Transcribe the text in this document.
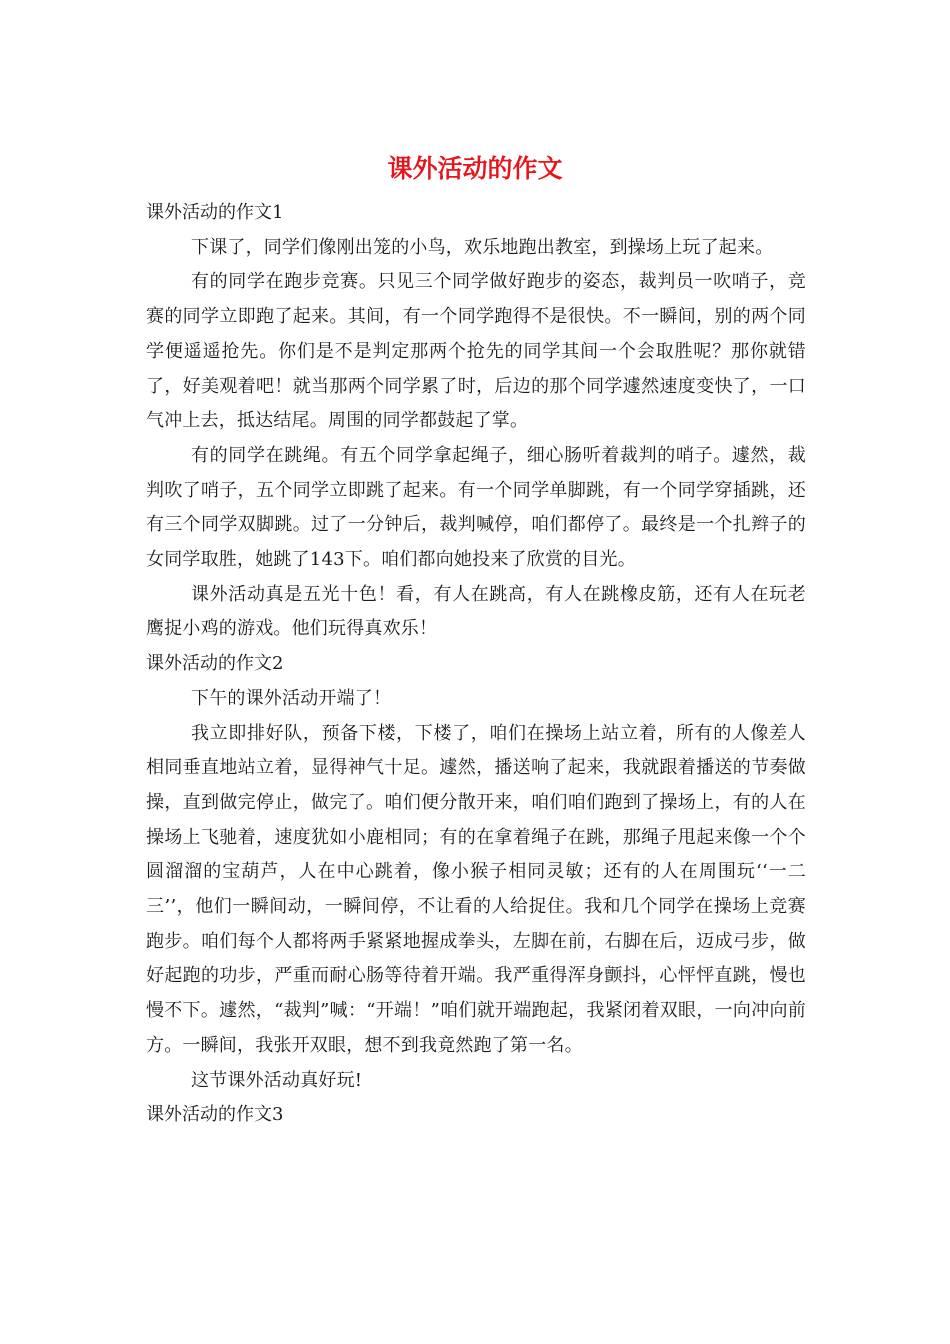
课外活动的作文

课外活动的作文1

下课了，同学们像刚出笼的小鸟，欢乐地跑出教室，到操场上玩了起来。

有的同学在跑步竞赛。只见三个同学做好跑步的姿态，裁判员一吹哨子，竞赛的同学立即跑了起来。其间，有一个同学跑得不是很快。不一瞬间，别的两个同学便遥遥抢先。你们是不是判定那两个抢先的同学其间一个会取胜呢？那你就错了，好美观着吧！就当那两个同学累了时，后边的那个同学遽然速度变快了，一口气冲上去，抵达结尾。周围的同学都鼓起了掌。

有的同学在跳绳。有五个同学拿起绳子，细心肠听着裁判的哨子。遽然，裁判吹了哨子，五个同学立即跳了起来。有一个同学单脚跳，有一个同学穿插跳，还有三个同学双脚跳。过了一分钟后，裁判喊停，咱们都停了。最终是一个扎辫子的女同学取胜，她跳了143下。咱们都向她投来了欣赏的目光。

课外活动真是五光十色！看，有人在跳高，有人在跳橡皮筋，还有人在玩老鹰捉小鸡的游戏。他们玩得真欢乐！

课外活动的作文2

下午的课外活动开端了！

我立即排好队，预备下楼，下楼了，咱们在操场上站立着，所有的人像差人相同垂直地站立着，显得神气十足。遽然，播送响了起来，我就跟着播送的节奏做操，直到做完停止，做完了。咱们便分散开来，咱们咱们跑到了操场上，有的人在操场上飞驰着，速度犹如小鹿相同；有的在拿着绳子在跳，那绳子甩起来像一个个圆溜溜的宝葫芦，人在中心跳着，像小猴子相同灵敏；还有的人在周围玩‘‘一二三’’，他们一瞬间动，一瞬间停，不让看的人给捉住。我和几个同学在操场上竞赛跑步。咱们每个人都将两手紧紧地握成拳头，左脚在前，右脚在后，迈成弓步，做好起跑的功步，严重而耐心肠等待着开端。我严重得浑身颤抖，心怦怦直跳，慢也慢不下。遽然，“裁判”喊：“开端！”咱们就开端跑起，我紧闭着双眼，一向冲向前方。一瞬间，我张开双眼，想不到我竟然跑了第一名。

这节课外活动真好玩!

课外活动的作文3
